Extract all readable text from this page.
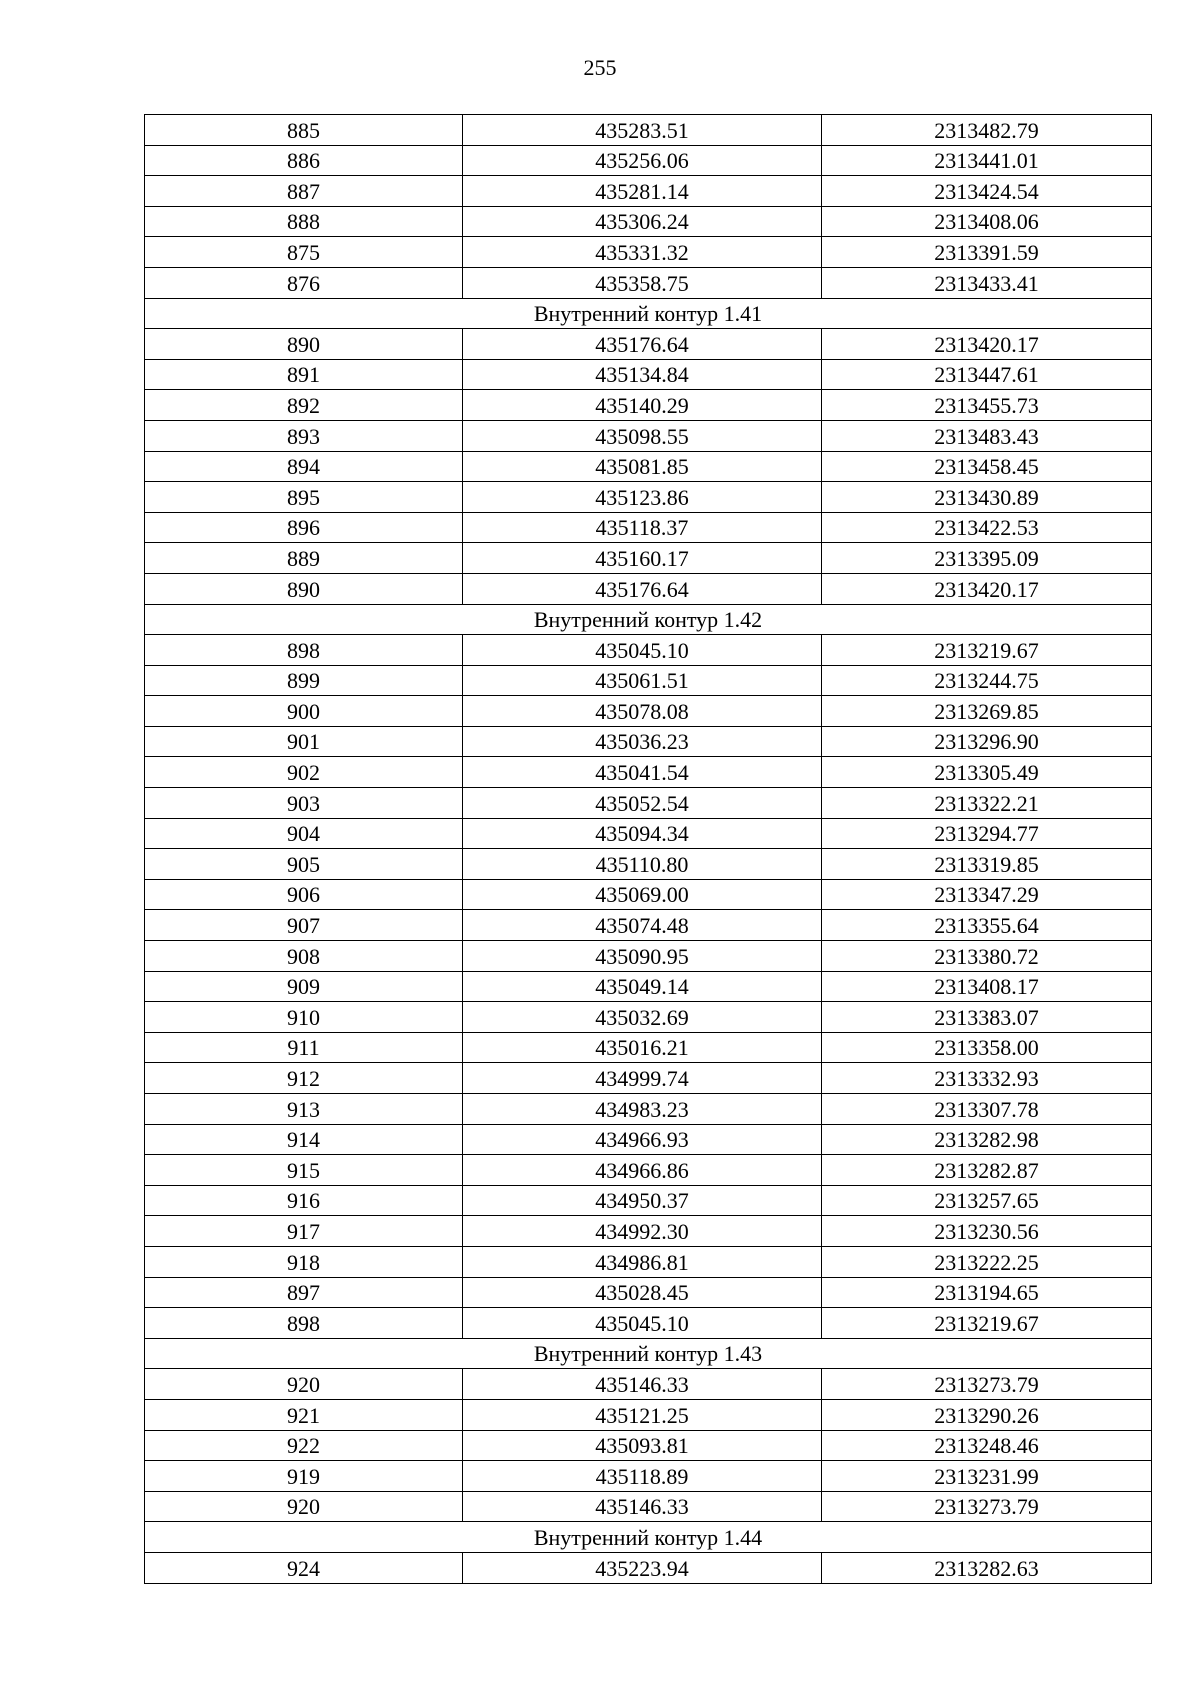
255
885	435283.51	2313482.79
886	435256.06	2313441.01
887	435281.14	2313424.54
888	435306.24	2313408.06
875	435331.32	2313391.59
876	435358.75	2313433.41
Внутренний контур 1.41		
890	435176.64	2313420.17
891	435134.84	2313447.61
892	435140.29	2313455.73
893	435098.55	2313483.43
894	435081.85	2313458.45
895	435123.86	2313430.89
896	435118.37	2313422.53
889	435160.17	2313395.09
890	435176.64	2313420.17
Внутренний контур 1.42		
898	435045.10	2313219.67
899	435061.51	2313244.75
900	435078.08	2313269.85
901	435036.23	2313296.90
902	435041.54	2313305.49
903	435052.54	2313322.21
904	435094.34	2313294.77
905	435110.80	2313319.85
906	435069.00	2313347.29
907	435074.48	2313355.64
908	435090.95	2313380.72
909	435049.14	2313408.17
910	435032.69	2313383.07
911	435016.21	2313358.00
912	434999.74	2313332.93
913	434983.23	2313307.78
914	434966.93	2313282.98
915	434966.86	2313282.87
916	434950.37	2313257.65
917	434992.30	2313230.56
918	434986.81	2313222.25
897	435028.45	2313194.65
898	435045.10	2313219.67
Внутренний контур 1.43		
920	435146.33	2313273.79
921	435121.25	2313290.26
922	435093.81	2313248.46
919	435118.89	2313231.99
920	435146.33	2313273.79
Внутренний контур 1.44		
924	435223.94	2313282.63
